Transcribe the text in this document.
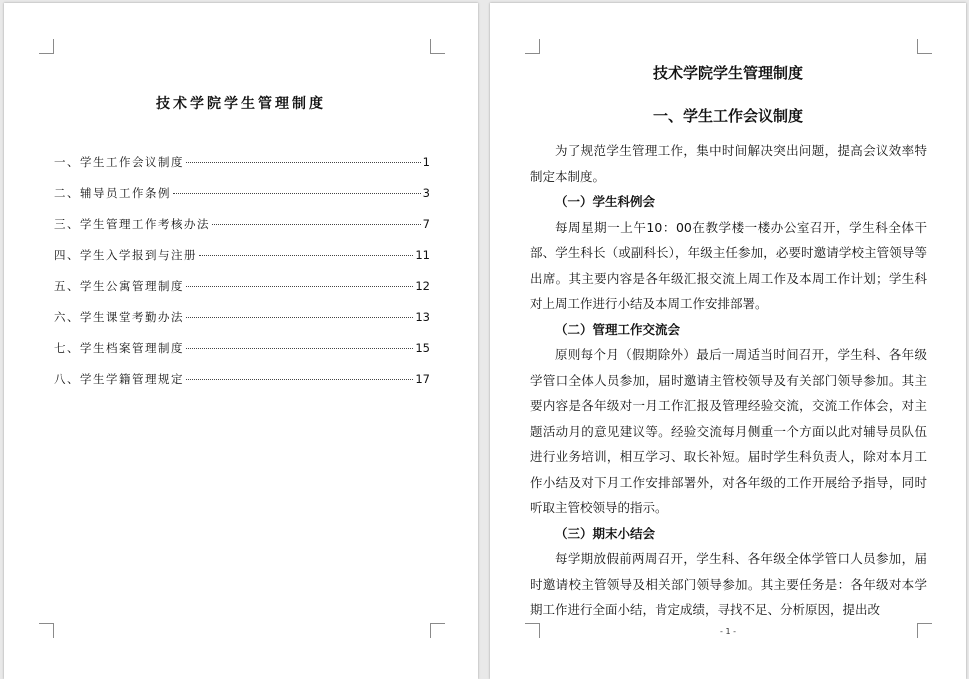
技术学院学生管理制度
一、学生工作会议制度	1
二、辅导员工作条例	3
三、学生管理工作考核办法	7
四、学生入学报到与注册	11
五、学生公寓管理制度	12
六、学生课堂考勤办法	13
七、学生档案管理制度	15
八、学生学籍管理规定	17
技术学院学生管理制度
一、学生工作会议制度

为了规范学生管理工作，集中时间解决突出问题，提高会议效率特制定本制度。

（一）学生科例会

每周星期一上午10：00在教学楼一楼办公室召开，学生科全体干部、学生科长（或副科长），年级主任参加，必要时邀请学校主管领导等出席。其主要内容是各年级汇报交流上周工作及本周工作计划；学生科对上周工作进行小结及本周工作安排部署。

（二）管理工作交流会

原则每个月（假期除外）最后一周适当时间召开，学生科、各年级学管口全体人员参加，届时邀请主管校领导及有关部门领导参加。其主要内容是各年级对一月工作汇报及管理经验交流，交流工作体会，对主题活动月的意见建议等。经验交流每月侧重一个方面以此对辅导员队伍进行业务培训，相互学习、取长补短。届时学生科负责人，除对本月工作小结及对下月工作安排部署外，对各年级的工作开展给予指导，同时听取主管校领导的指示。

（三）期末小结会

每学期放假前两周召开，学生科、各年级全体学管口人员参加，届时邀请校主管领导及相关部门领导参加。其主要任务是：各年级对本学期工作进行全面小结，肯定成绩，寻找不足、分析原因，提出改

- 1 -
